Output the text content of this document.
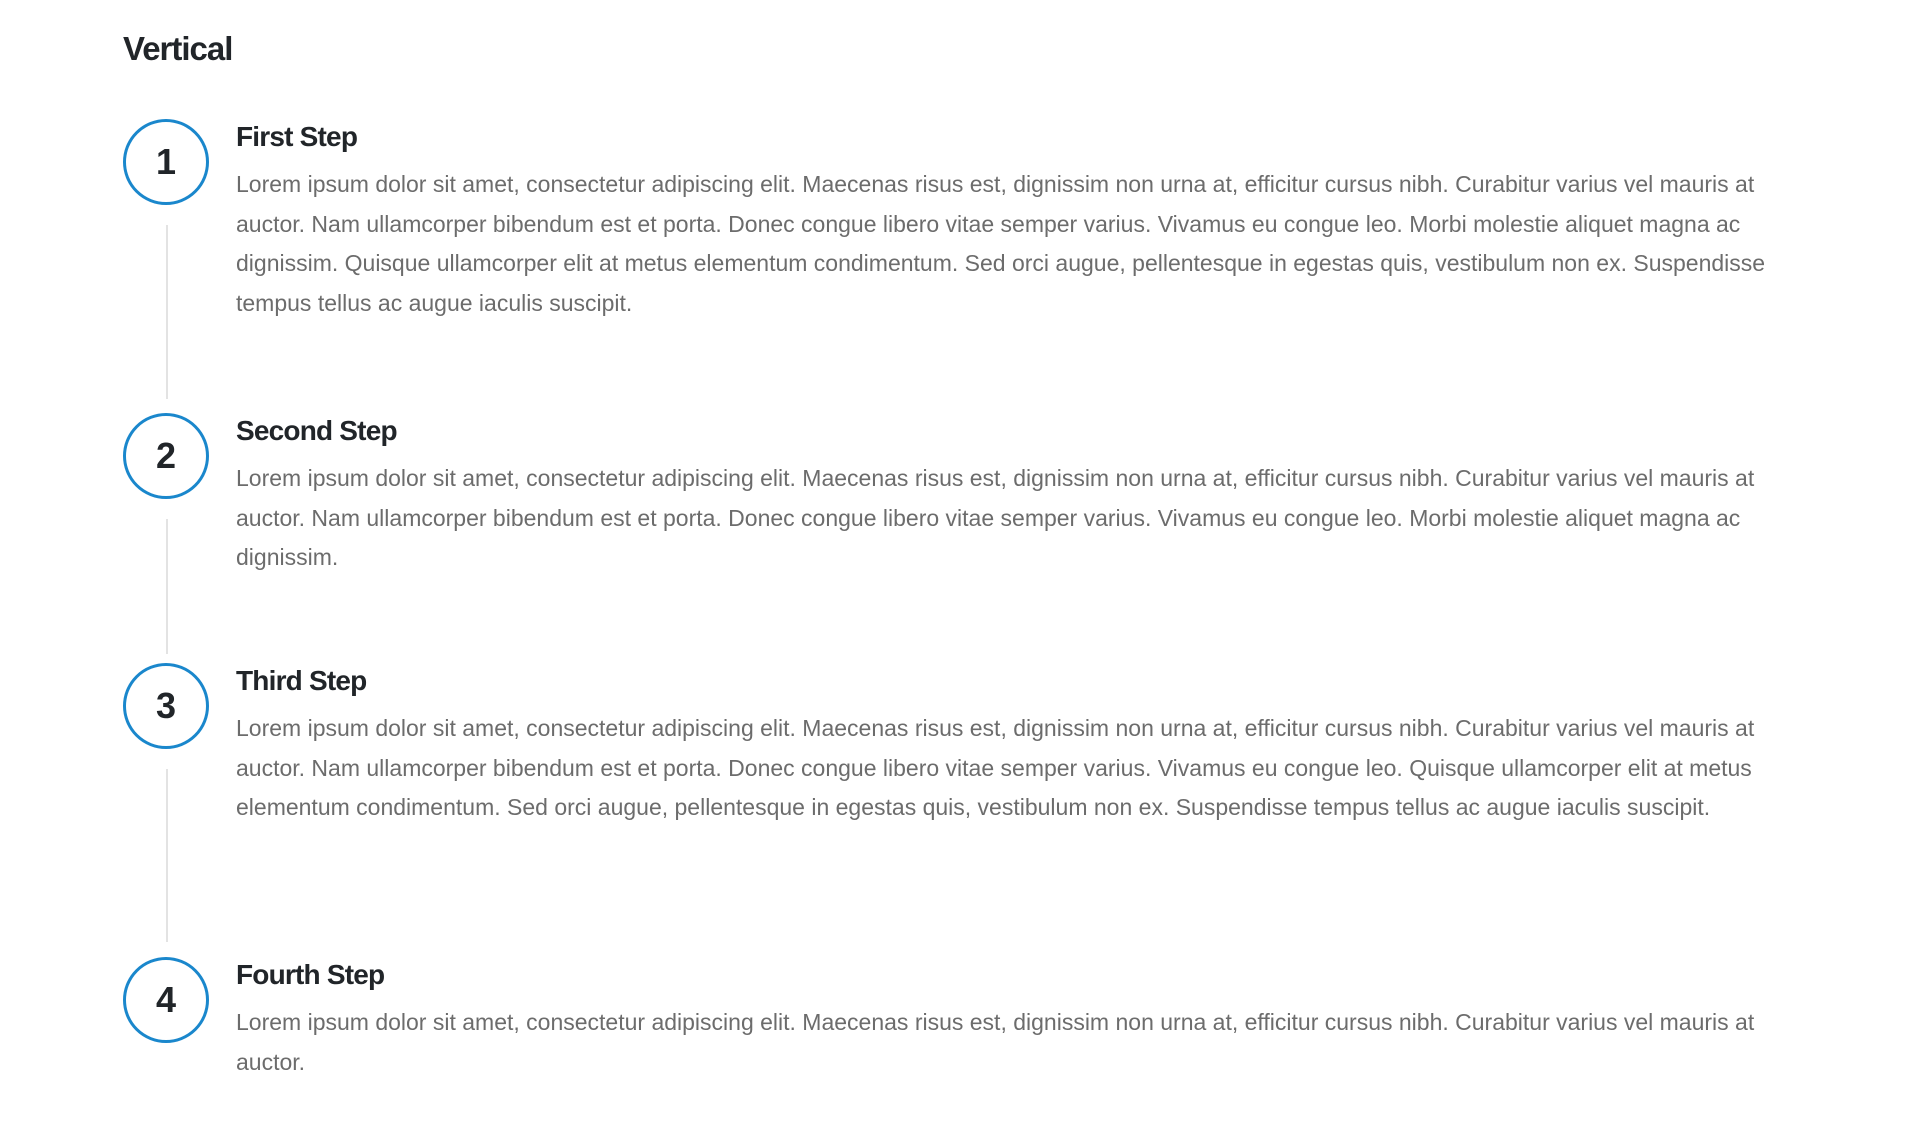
Vertical
1
First Step

Lorem ipsum dolor sit amet, consectetur adipiscing elit. Maecenas risus est, dignissim non urna at, efficitur cursus nibh. Curabitur varius vel mauris at auctor. Nam ullamcorper bibendum est et porta. Donec congue libero vitae semper varius. Vivamus eu congue leo. Morbi molestie aliquet magna ac dignissim. Quisque ullamcorper elit at metus elementum condimentum. Sed orci augue, pellentesque in egestas quis, vestibulum non ex. Suspendisse tempus tellus ac augue iaculis suscipit.

2
Second Step

Lorem ipsum dolor sit amet, consectetur adipiscing elit. Maecenas risus est, dignissim non urna at, efficitur cursus nibh. Curabitur varius vel mauris at auctor. Nam ullamcorper bibendum est et porta. Donec congue libero vitae semper varius. Vivamus eu congue leo. Morbi molestie aliquet magna ac dignissim.

3
Third Step

Lorem ipsum dolor sit amet, consectetur adipiscing elit. Maecenas risus est, dignissim non urna at, efficitur cursus nibh. Curabitur varius vel mauris at auctor. Nam ullamcorper bibendum est et porta. Donec congue libero vitae semper varius. Vivamus eu congue leo. Quisque ullamcorper elit at metus elementum condimentum. Sed orci augue, pellentesque in egestas quis, vestibulum non ex. Suspendisse tempus tellus ac augue iaculis suscipit.

4
Fourth Step

Lorem ipsum dolor sit amet, consectetur adipiscing elit. Maecenas risus est, dignissim non urna at, efficitur cursus nibh. Curabitur varius vel mauris at auctor.
